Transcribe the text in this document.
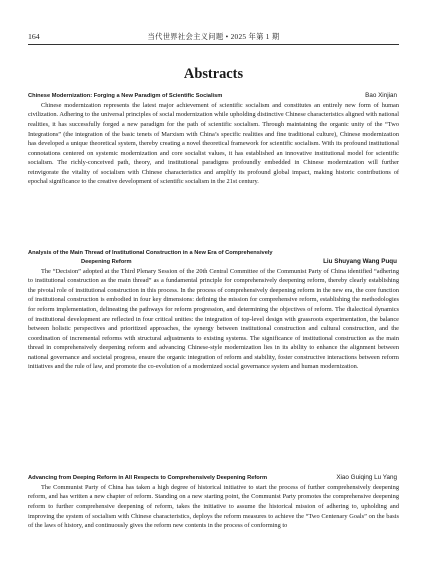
164	当代世界社会主义问题 • 2025 年第 1 期
Abstracts
Chinese Modernization: Forging a New Paradigm of Scientific Socialism	Bao Xinjian

Chinese modernization represents the latest major achievement of scientific socialism and constitutes an entirely new form of human civilization. Adhering to the universal principles of social modernization while upholding distinctive Chinese characteristics aligned with national realities, it has successfully forged a new paradigm for the path of scientific socialism. Through maintaining the organic unity of the “Two Integrations” (the integration of the basic tenets of Marxism with China’s specific realities and fine traditional culture), Chinese modernization has developed a unique theoretical system, thereby creating a novel theoretical framework for scientific socialism. With its profound institutional connotations centered on systemic modernization and core socialist values, it has established an innovative institutional model for scientific socialism. The richly-conceived path, theory, and institutional paradigms profoundly embedded in Chinese modernization will further reinvigorate the vitality of socialism with Chinese characteristics and amplify its profound global impact, making historic contributions of epochal significance to the creative development of scientific socialism in the 21st century.

Analysis of the Main Thread of Institutional Construction in a New Era of Comprehensively
Deepening Reform	Liu Shuyang Wang Puqu

The “Decision” adopted at the Third Plenary Session of the 20th Central Committee of the Communist Party of China identified “adhering to institutional construction as the main thread” as a fundamental principle for comprehensively deepening reform, thereby clearly establishing the pivotal role of institutional construction in this process. In the process of comprehensively deepening reform in the new era, the core function of institutional construction is embodied in four key dimensions: defining the mission for comprehensive reform, establishing the methodologies for reform implementation, delineating the pathways for reform progression, and determining the objectives of reform. The dialectical dynamics of institutional development are reflected in four critical unities: the integration of top-level design with grassroots experimentation, the balance between holistic perspectives and prioritized approaches, the synergy between institutional construction and cultural construction, and the coordination of incremental reforms with structural adjustments to existing systems. The significance of institutional construction as the main thread in comprehensively deepening reform and advancing Chinese-style modernization lies in its ability to enhance the alignment between national governance and societal progress, ensure the organic integration of reform and stability, foster constructive interactions between reform initiatives and the rule of law, and promote the co-evolution of a modernized social governance system and human modernization.

Advancing from Deeping Reform in All Respects to Comprehensively Deepening Reform	Xiao Guiqing Lu Yang

The Communist Party of China has taken a high degree of historical initiative to start the process of further comprehensively deepening reform, and has written a new chapter of reform. Standing on a new starting point, the Communist Party promotes the comprehensive deepening reform to further comprehensive deepening of reform, takes the initiative to assume the historical mission of adhering to, upholding and improving the system of socialism with Chinese characteristics, deploys the reform measures to achieve the “Two Centenary Goals” on the basis of the laws of history, and continuously gives the reform new contents in the process of conforming to
